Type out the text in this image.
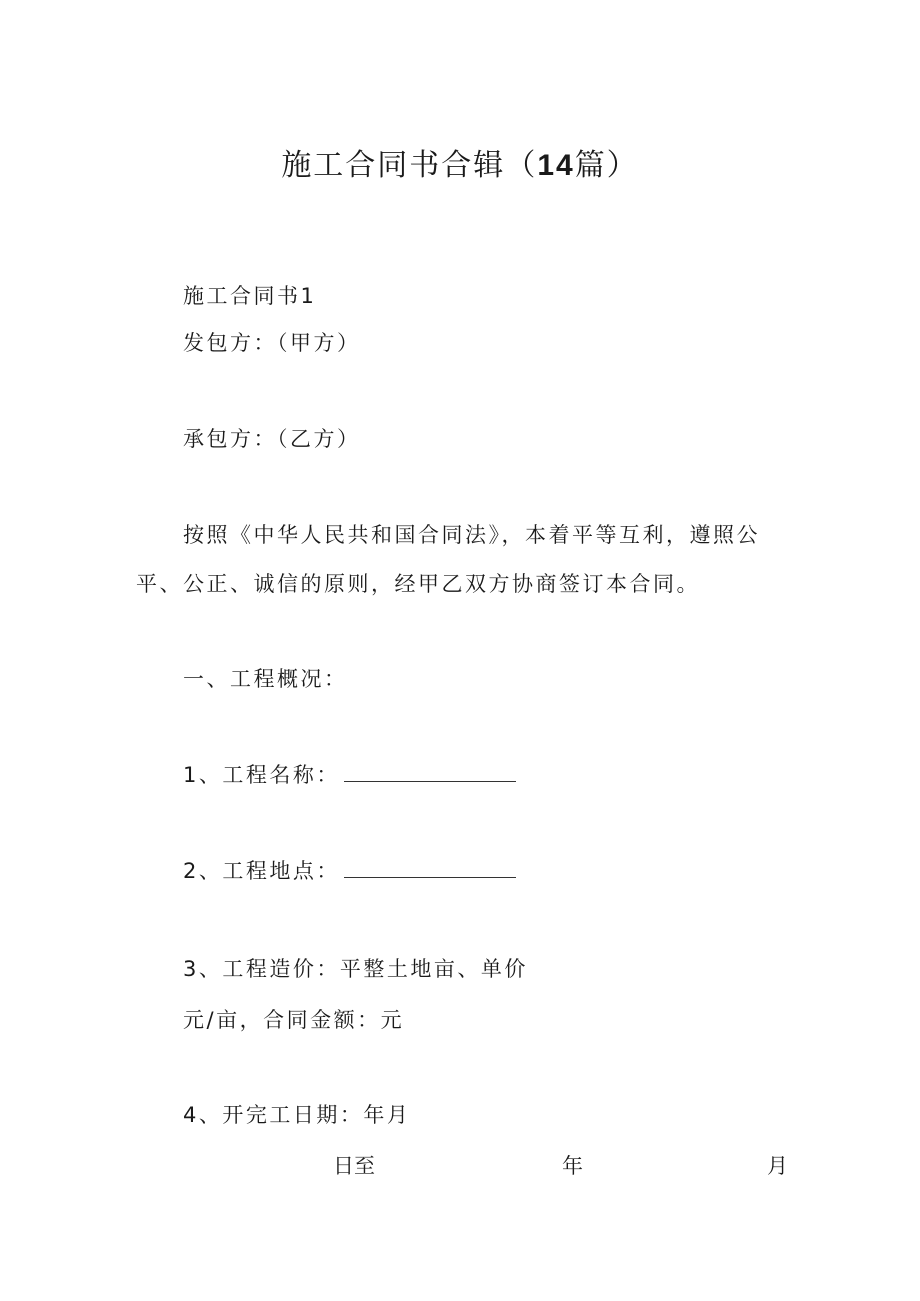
施工合同书合辑（14篇）
施工合同书1
发包方：（甲方）
承包方：（乙方）
按照《中华人民共和国合同法》，本着平等互利，遵照公
平、公正、诚信的原则，经甲乙双方协商签订本合同。
一、工程概况：
1、工程名称：
2、工程地点：
3、工程造价：平整土地亩、单价
元/亩，合同金额：元
4、开完工日期：年月
日至	年	月
